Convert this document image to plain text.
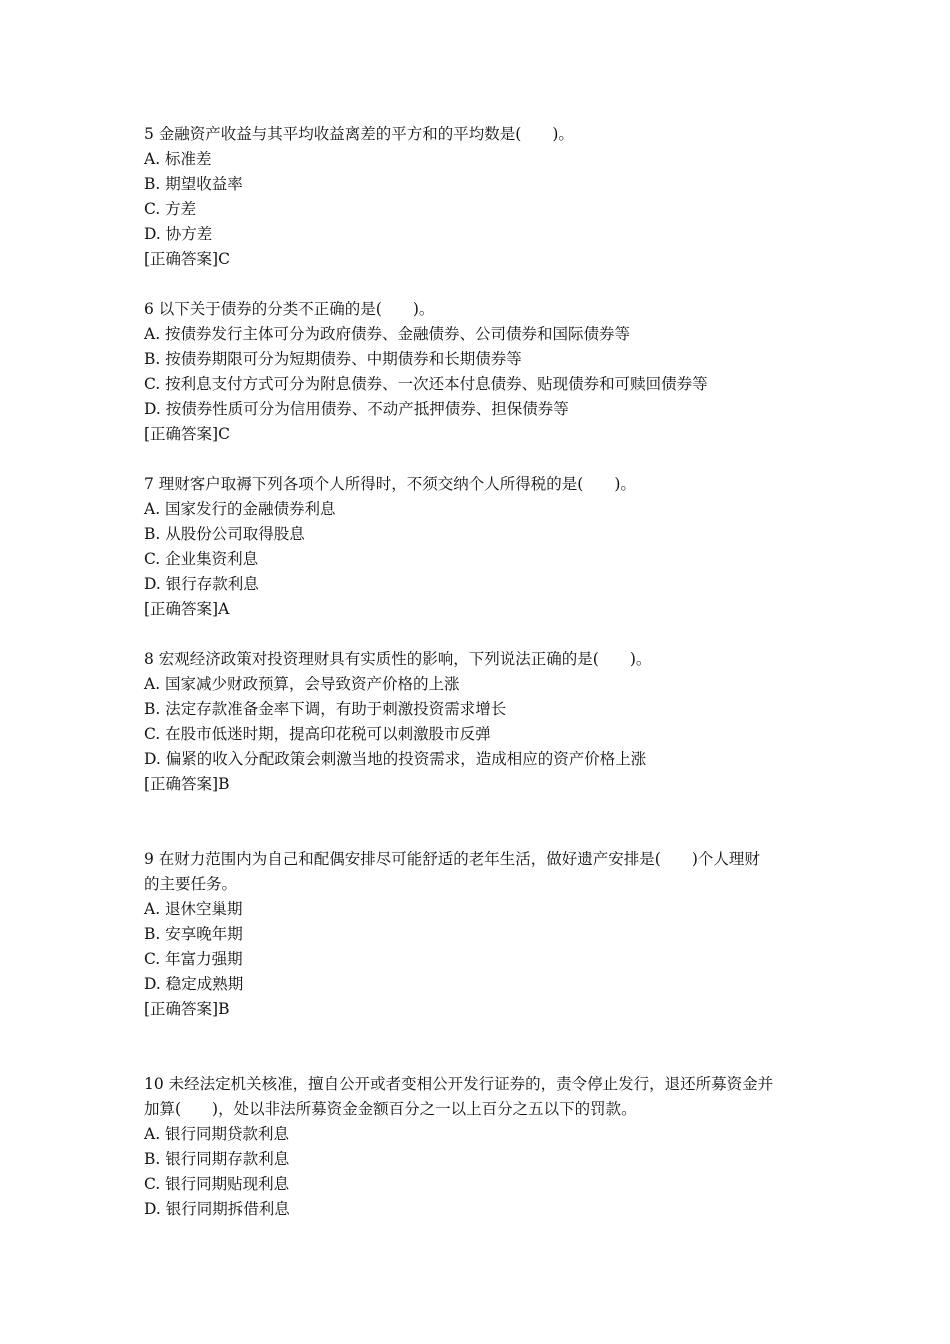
5 金融资产收益与其平均收益离差的平方和的平均数是(　　)。

A. 标准差

B. 期望收益率

C. 方差

D. 协方差

[正确答案]C

6 以下关于债券的分类不正确的是(　　)。

A. 按债券发行主体可分为政府债券、金融债券、公司债券和国际债券等

B. 按债券期限可分为短期债券、中期债券和长期债券等

C. 按利息支付方式可分为附息债券、一次还本付息债券、贴现债券和可赎回债券等

D. 按债券性质可分为信用债券、不动产抵押债券、担保债券等

[正确答案]C

7 理财客户取褥下列各项个人所得时，不须交纳个人所得税的是(　　)。

A. 国家发行的金融债券利息

B. 从股份公司取得股息

C. 企业集资利息

D. 银行存款利息

[正确答案]A

8 宏观经济政策对投资理财具有实质性的影响，下列说法正确的是(　　)。

A. 国家减少财政预算，会导致资产价格的上涨

B. 法定存款准备金率下调，有助于刺激投资需求增长

C. 在股市低迷时期，提高印花税可以刺激股市反弹

D. 偏紧的收入分配政策会刺激当地的投资需求，造成相应的资产价格上涨

[正确答案]B

9 在财力范围内为自己和配偶安排尽可能舒适的老年生活，做好遗产安排是(　　)个人理财

的主要任务。

A. 退休空巢期

B. 安享晚年期

C. 年富力强期

D. 稳定成熟期

[正确答案]B

10 未经法定机关核准，擅自公开或者变相公开发行证券的，责令停止发行，退还所募资金并

加算(　　)，处以非法所募资金金额百分之一以上百分之五以下的罚款。

A. 银行同期贷款利息

B. 银行同期存款利息

C. 银行同期贴现利息

D. 银行同期拆借利息
